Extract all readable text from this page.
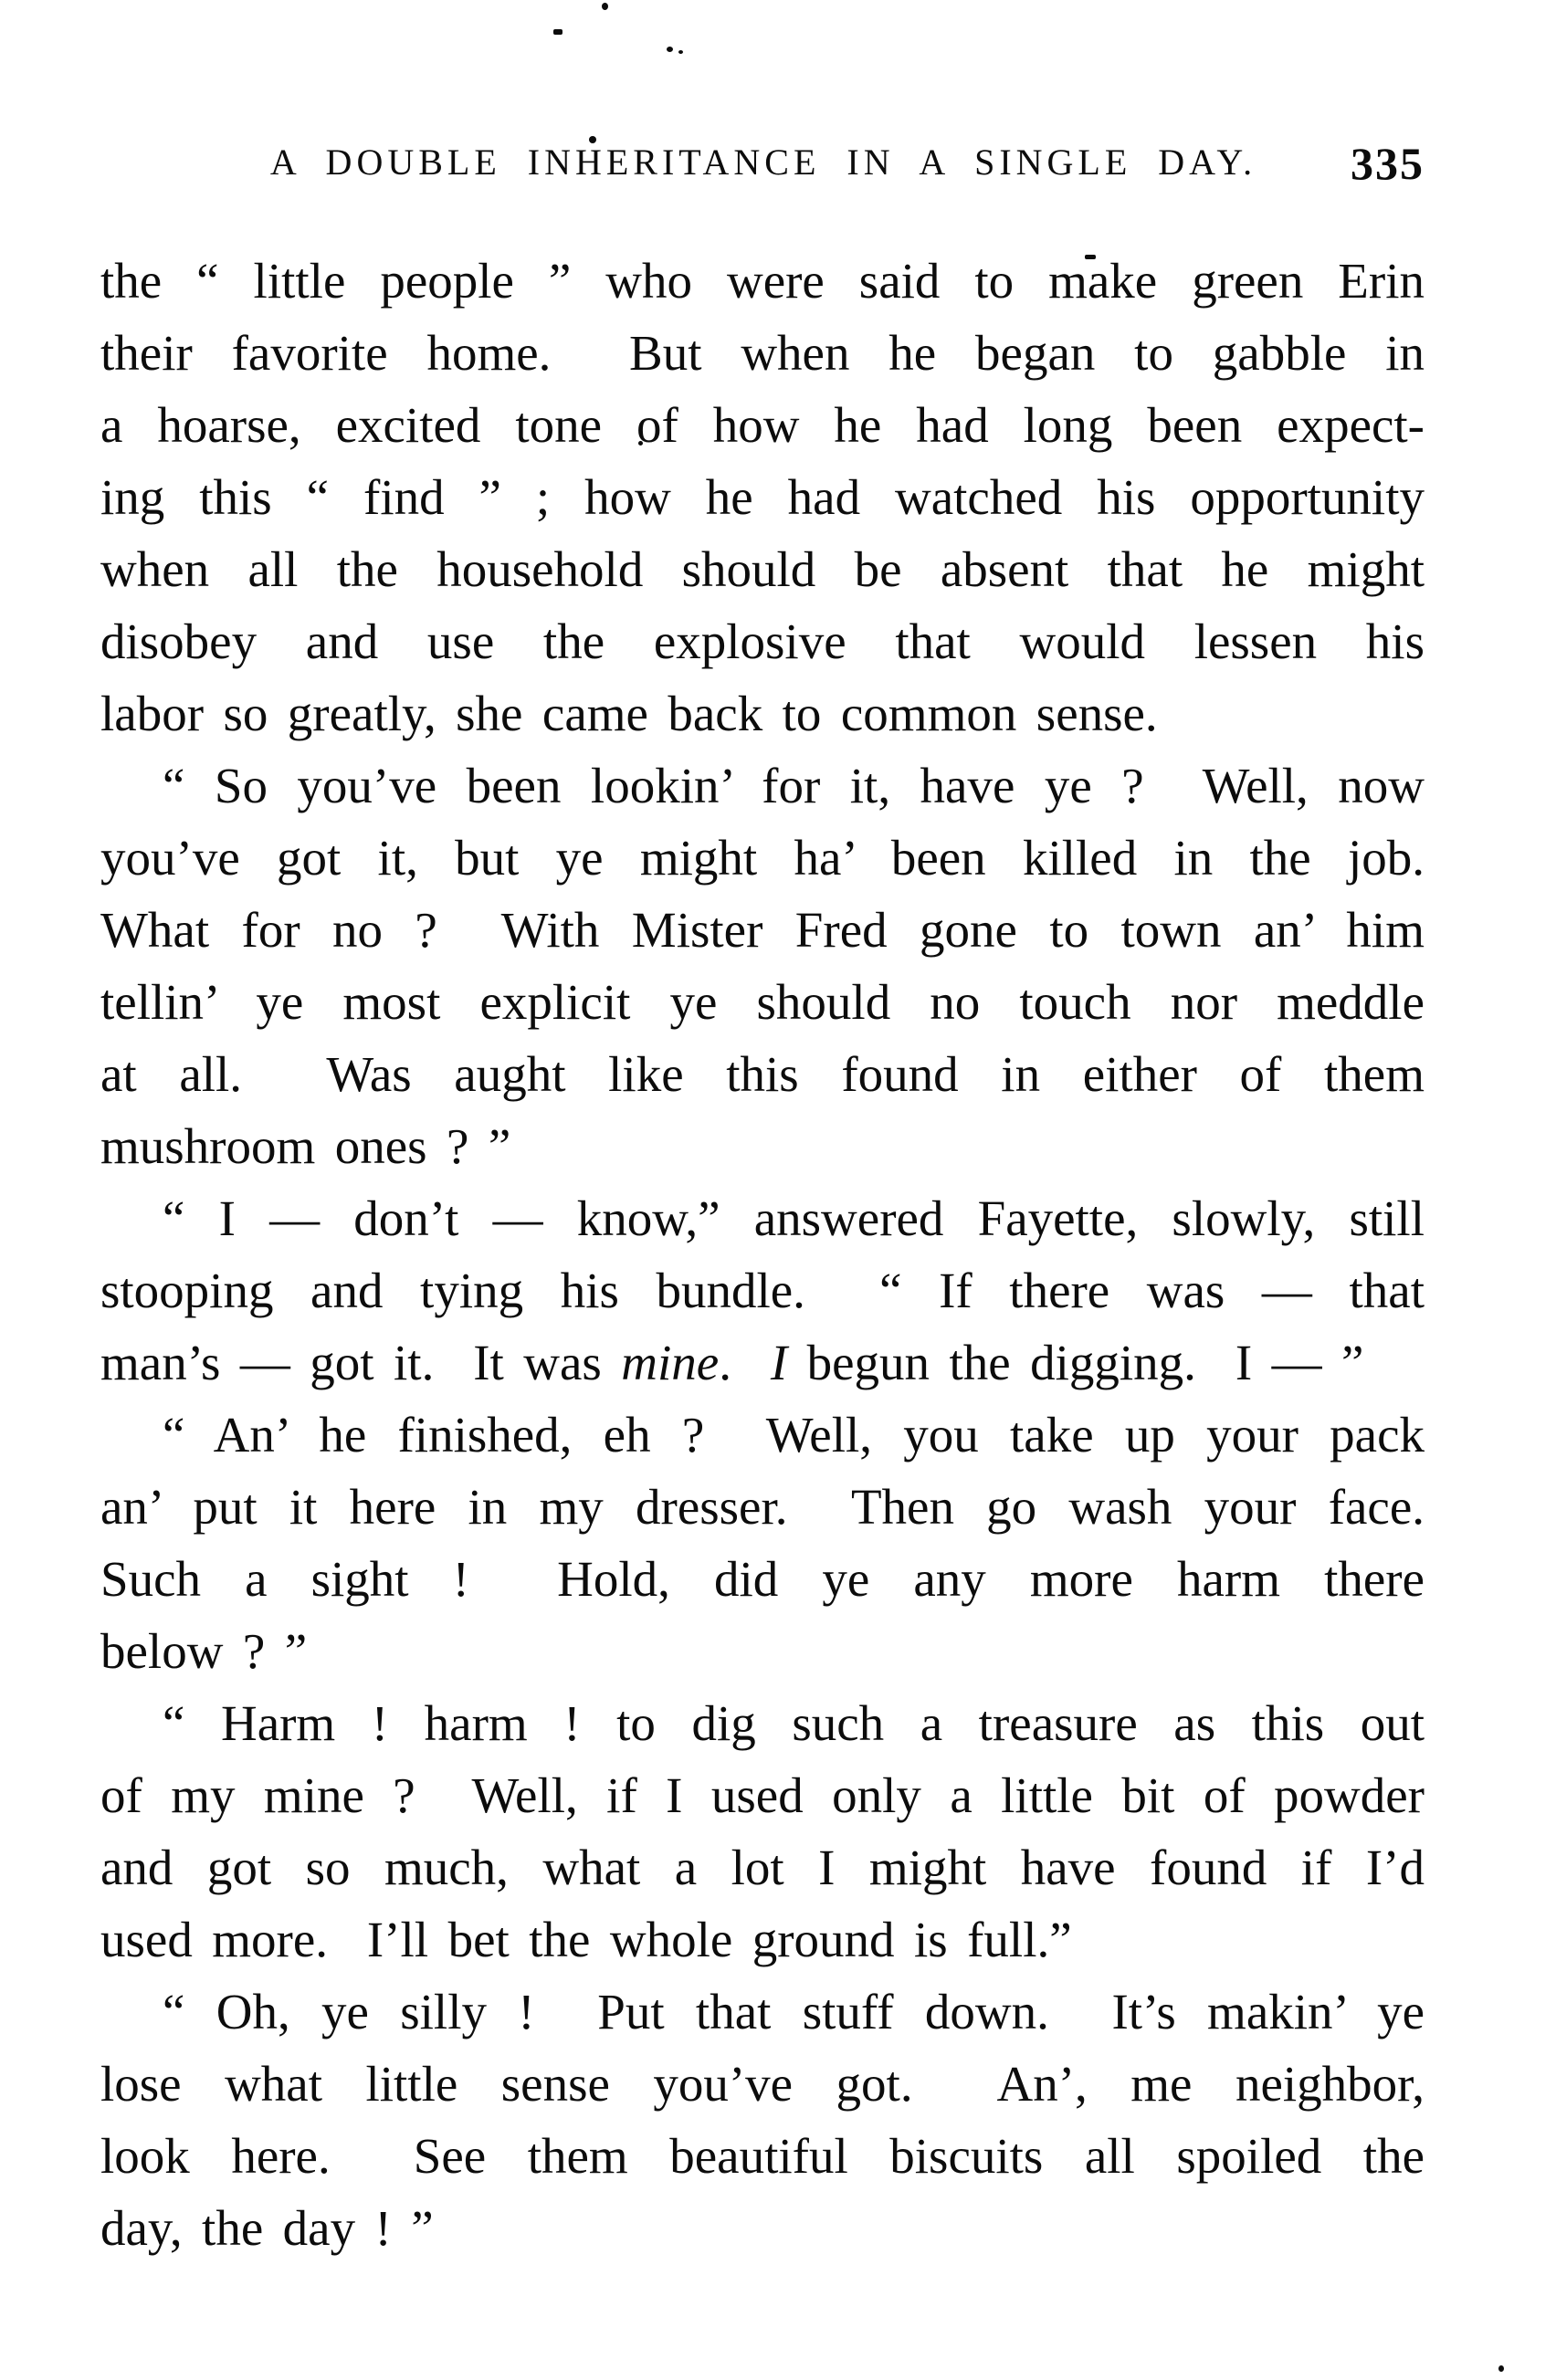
A DOUBLE INHERITANCE IN A SINGLE DAY.	335
the “ little people ” who were said to make green Erin
their favorite home.  But when he began to gabble in
a hoarse, excited tone of how he had long been expect-
ing this “ find ” ; how he had watched his opportunity
when all the household should be absent that he might
disobey and use the explosive that would lessen his
labor so greatly, she came back to common sense.
“ So you’ve been lookin’ for it, have ye ?  Well, now
you’ve got it, but ye might ha’ been killed in the job.
What for no ?  With Mister Fred gone to town an’ him
tellin’ ye most explicit ye should no touch nor meddle
at all.  Was aught like this found in either of them
mushroom ones ? ”
“ I — don’t — know,” answered Fayette, slowly, still
stooping and tying his bundle.  “ If there was — that
man’s — got it.  It was mine.  I begun the digging.  I — ”
“ An’ he finished, eh ?  Well, you take up your pack
an’ put it here in my dresser.  Then go wash your face.
Such a sight !  Hold, did ye any more harm there
below ? ”
“ Harm ! harm ! to dig such a treasure as this out
of my mine ?  Well, if I used only a little bit of powder
and got so much, what a lot I might have found if I’d
used more.  I’ll bet the whole ground is full.”
“ Oh, ye silly !  Put that stuff down.  It’s makin’ ye
lose what little sense you’ve got.  An’, me neighbor,
look here.  See them beautiful biscuits all spoiled the
day, the day ! ”
